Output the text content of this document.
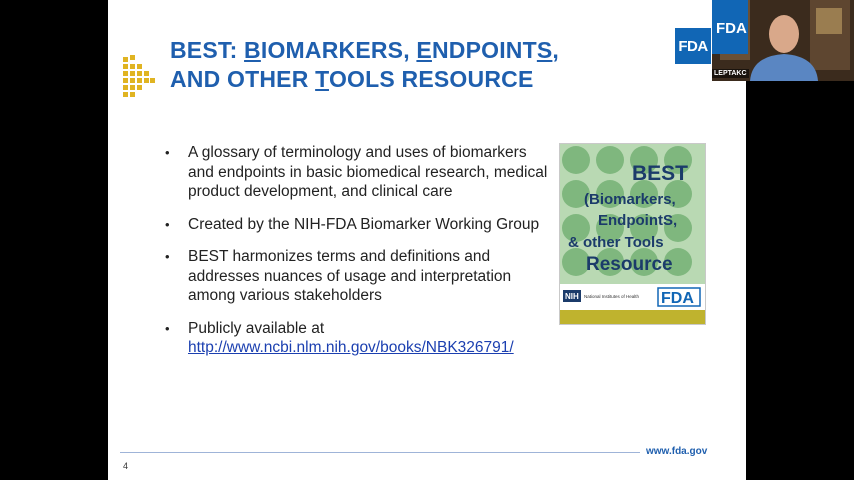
BEST: BIOMARKERS, ENDPOINTS,
AND OTHER TOOLS RESOURCE
FDA
• A glossary of terminology and uses of biomarkers and endpoints in basic biomedical research, medical product development, and clinical care
• Created by the NIH-FDA Biomarker Working Group
• BEST harmonizes terms and definitions and addresses nuances of usage and interpretation among various stakeholders
• Publicly available at
http://www.ncbi.nlm.nih.gov/books/NBK326791/
BEST
(Biomarkers,
EndpointS,
& other Tools
Resource
NIH National Institutes of Health FDA
4
www.fda.gov
FDA
LEPTAKC
